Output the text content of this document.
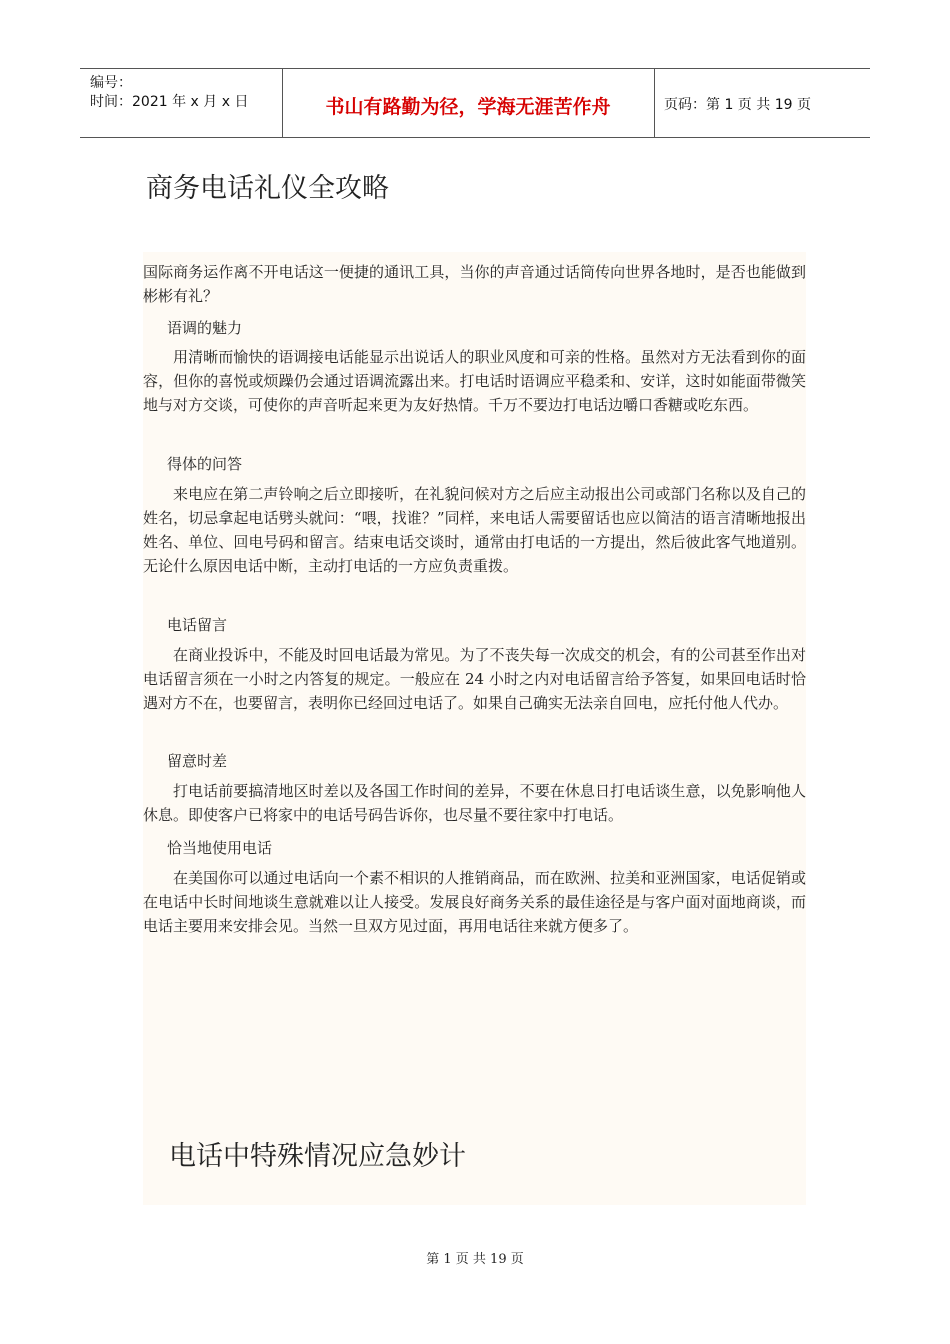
编号：
时间：2021 年 x 月 x 日	书山有路勤为径，学海无涯苦作舟	页码：第 1 页 共 19 页
商务电话礼仪全攻略
国际商务运作离不开电话这一便捷的通讯工具，当你的声音通过话筒传向世界各地时，是否也能做到彬彬有礼？
语调的魅力
用清晰而愉快的语调接电话能显示出说话人的职业风度和可亲的性格。虽然对方无法看到你的面容，但你的喜悦或烦躁仍会通过语调流露出来。打电话时语调应平稳柔和、安详，这时如能面带微笑地与对方交谈，可使你的声音听起来更为友好热情。千万不要边打电话边嚼口香糖或吃东西。
得体的问答
来电应在第二声铃响之后立即接听，在礼貌问候对方之后应主动报出公司或部门名称以及自己的姓名，切忌拿起电话劈头就问：“喂，找谁？”同样，来电话人需要留话也应以简洁的语言清晰地报出姓名、单位、回电号码和留言。结束电话交谈时，通常由打电话的一方提出，然后彼此客气地道别。无论什么原因电话中断，主动打电话的一方应负责重拨。
电话留言
在商业投诉中，不能及时回电话最为常见。为了不丧失每一次成交的机会，有的公司甚至作出对电话留言须在一小时之内答复的规定。一般应在 24 小时之内对电话留言给予答复，如果回电话时恰遇对方不在，也要留言，表明你已经回过电话了。如果自己确实无法亲自回电，应托付他人代办。
留意时差
打电话前要搞清地区时差以及各国工作时间的差异，不要在休息日打电话谈生意，以免影响他人休息。即使客户已将家中的电话号码告诉你，也尽量不要往家中打电话。
恰当地使用电话
在美国你可以通过电话向一个素不相识的人推销商品，而在欧洲、拉美和亚洲国家，电话促销或在电话中长时间地谈生意就难以让人接受。发展良好商务关系的最佳途径是与客户面对面地商谈，而电话主要用来安排会见。当然一旦双方见过面，再用电话往来就方便多了。
电话中特殊情况应急妙计
第 1 页 共 19 页
